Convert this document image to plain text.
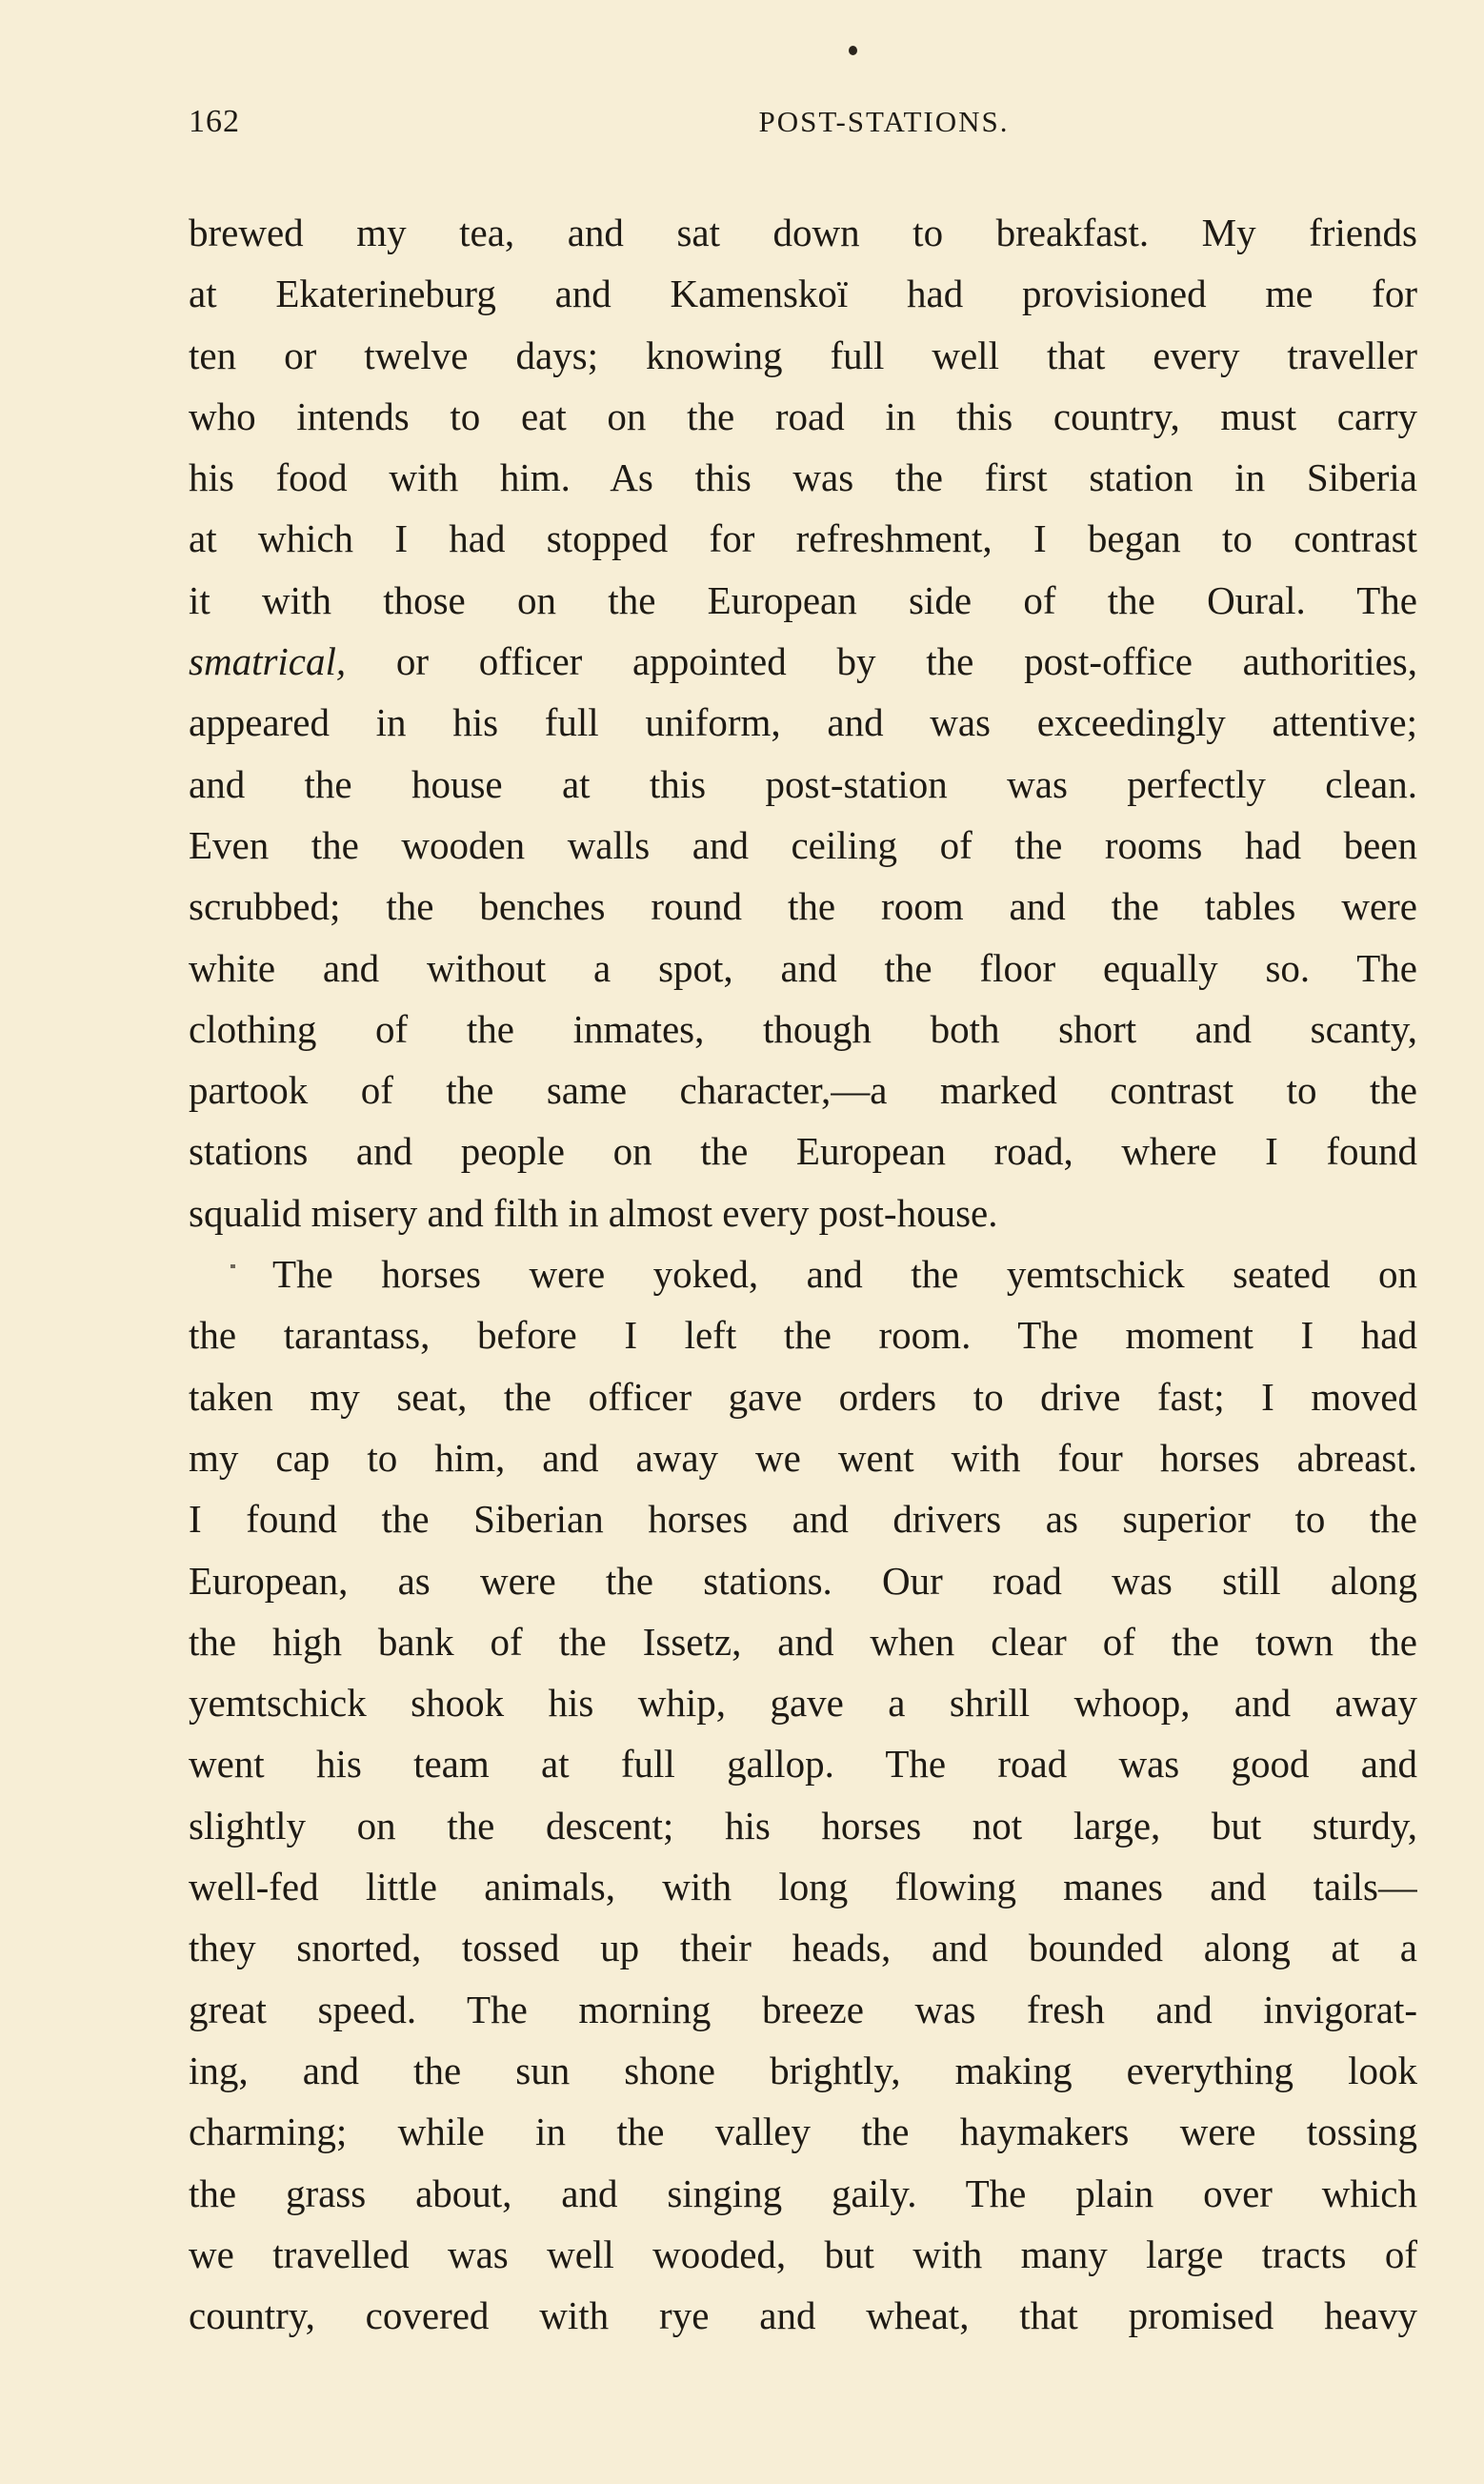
162	POST-STATIONS.
brewed my tea, and sat down to breakfast. My friends
at Ekaterineburg and Kamenskoï had provisioned me for
ten or twelve days; knowing full well that every traveller
who intends to eat on the road in this country, must carry
his food with him. As this was the first station in Siberia
at which I had stopped for refreshment, I began to contrast
it with those on the European side of the Oural. The
smatrical, or officer appointed by the post-office authorities,
appeared in his full uniform, and was exceedingly attentive;
and the house at this post-station was perfectly clean.
Even the wooden walls and ceiling of the rooms had been
scrubbed; the benches round the room and the tables were
white and without a spot, and the floor equally so. The
clothing of the inmates, though both short and scanty,
partook of the same character,—a marked contrast to the
stations and people on the European road, where I found
squalid misery and filth in almost every post-house.
The horses were yoked, and the yemtschick seated on
the tarantass, before I left the room. The moment I had
taken my seat, the officer gave orders to drive fast; I moved
my cap to him, and away we went with four horses abreast.
I found the Siberian horses and drivers as superior to the
European, as were the stations. Our road was still along
the high bank of the Issetz, and when clear of the town the
yemtschick shook his whip, gave a shrill whoop, and away
went his team at full gallop. The road was good and
slightly on the descent; his horses not large, but sturdy,
well-fed little animals, with long flowing manes and tails—
they snorted, tossed up their heads, and bounded along at a
great speed. The morning breeze was fresh and invigorat-
ing, and the sun shone brightly, making everything look
charming; while in the valley the haymakers were tossing
the grass about, and singing gaily. The plain over which
we travelled was well wooded, but with many large tracts of
country, covered with rye and wheat, that promised heavy
